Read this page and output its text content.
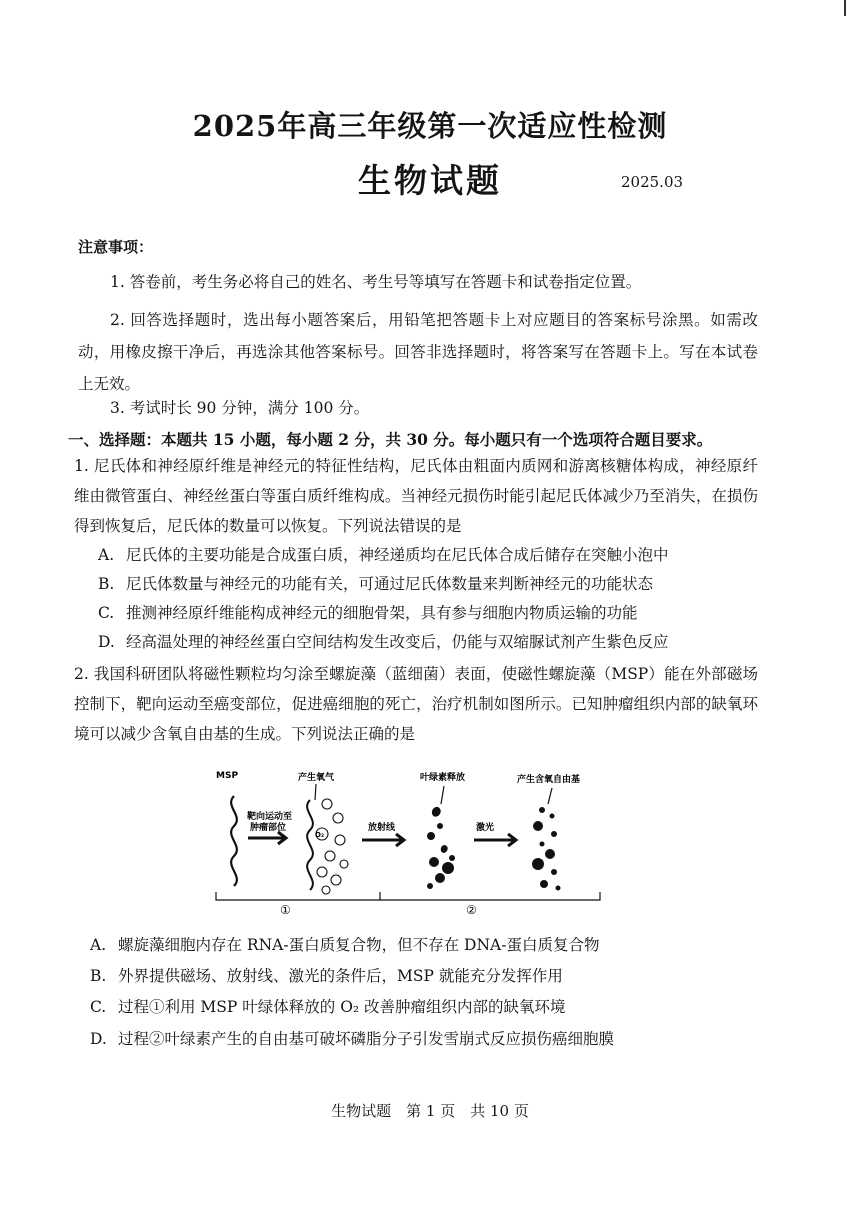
2025年高三年级第一次适应性检测
生物试题	2025.03
注意事项：
1. 答卷前，考生务必将自己的姓名、考生号等填写在答题卡和试卷指定位置。
2. 回答选择题时，选出每小题答案后，用铅笔把答题卡上对应题目的答案标号涂黑。如需改动，用橡皮擦干净后，再选涂其他答案标号。回答非选择题时，将答案写在答题卡上。写在本试卷上无效。
3. 考试时长 90 分钟，满分 100 分。
一、选择题：本题共 15 小题，每小题 2 分，共 30 分。每小题只有一个选项符合题目要求。
1. 尼氏体和神经原纤维是神经元的特征性结构，尼氏体由粗面内质网和游离核糖体构成，神经原纤维由微管蛋白、神经丝蛋白等蛋白质纤维构成。当神经元损伤时能引起尼氏体减少乃至消失，在损伤得到恢复后，尼氏体的数量可以恢复。下列说法错误的是
A. 尼氏体的主要功能是合成蛋白质，神经递质均在尼氏体合成后储存在突触小泡中
B. 尼氏体数量与神经元的功能有关，可通过尼氏体数量来判断神经元的功能状态
C. 推测神经原纤维能构成神经元的细胞骨架，具有参与细胞内物质运输的功能
D. 经高温处理的神经丝蛋白空间结构发生改变后，仍能与双缩脲试剂产生紫色反应
2. 我国科研团队将磁性颗粒均匀涂至螺旋藻（蓝细菌）表面，使磁性螺旋藻（MSP）能在外部磁场控制下，靶向运动至癌变部位，促进癌细胞的死亡，治疗机制如图所示。已知肿瘤组织内部的缺氧环境可以减少含氧自由基的生成。下列说法正确的是
MSP	产生氧气	叶绿素释放	产生含氧自由基
靶向运动至
肿瘤部位
O₂
放射线	激光
①	②
A. 螺旋藻细胞内存在 RNA-蛋白质复合物，但不存在 DNA-蛋白质复合物
B. 外界提供磁场、放射线、激光的条件后，MSP 就能充分发挥作用
C. 过程①利用 MSP 叶绿体释放的 O₂ 改善肿瘤组织内部的缺氧环境
D. 过程②叶绿素产生的自由基可破坏磷脂分子引发雪崩式反应损伤癌细胞膜
生物试题　第 1 页　共 10 页
